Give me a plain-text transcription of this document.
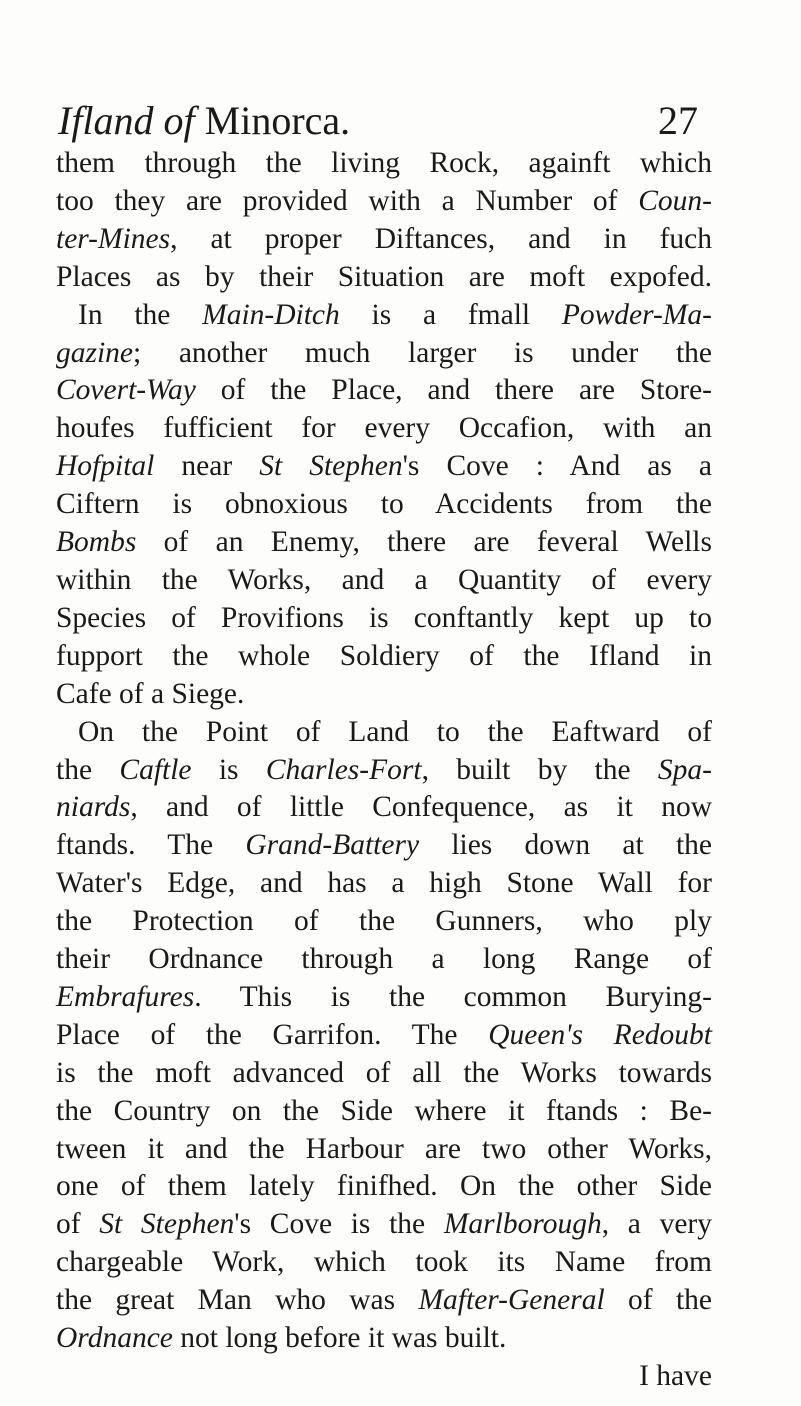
Ifland of Minorca.	27
them through the living Rock, againft which
too they are provided with a Number of Coun-
ter-Mines, at proper Diftances, and in fuch
Places as by their Situation are moft expofed.
In the Main-Ditch is a fmall Powder-Ma-
gazine; another much larger is under the
Covert-Way of the Place, and there are Store-
houfes fufficient for every Occafion, with an
Hofpital near St Stephen's Cove : And as a
Ciftern is obnoxious to Accidents from the
Bombs of an Enemy, there are feveral Wells
within the Works, and a Quantity of every
Species of Provifions is conftantly kept up to
fupport the whole Soldiery of the Ifland in
Cafe of a Siege.
On the Point of Land to the Eaftward of
the Caftle is Charles-Fort, built by the Spa-
niards, and of little Confequence, as it now
ftands. The Grand-Battery lies down at the
Water's Edge, and has a high Stone Wall for
the Protection of the Gunners, who ply
their Ordnance through a long Range of
Embrafures. This is the common Burying-
Place of the Garrifon. The Queen's Redoubt
is the moft advanced of all the Works towards
the Country on the Side where it ftands : Be-
tween it and the Harbour are two other Works,
one of them lately finifhed. On the other Side
of St Stephen's Cove is the Marlborough, a very
chargeable Work, which took its Name from
the great Man who was Mafter-General of the
Ordnance not long before it was built.
I have
